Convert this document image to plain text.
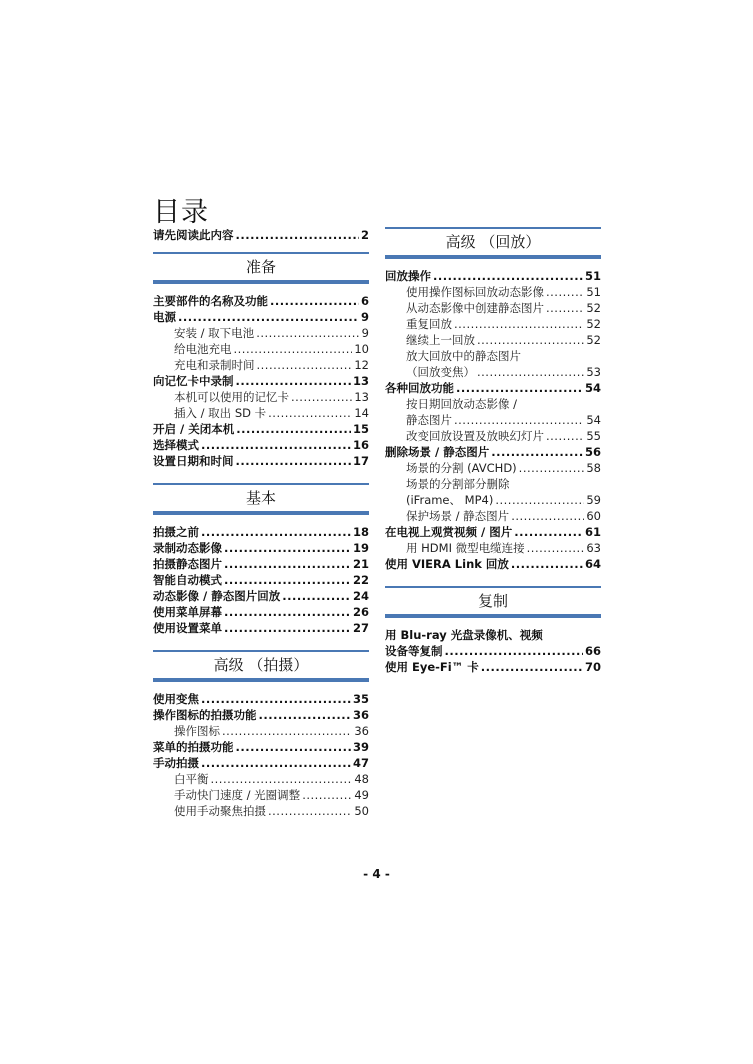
目录
请先阅读此内容 .....	2
准备
主要部件的名称及功能 .....	6
电源 .....	9
安装 / 取下电池 .....	9
给电池充电 .....	10
充电和录制时间 .....	12
向记忆卡中录制 .....	13
本机可以使用的记忆卡 .....	13
插入 / 取出 SD 卡 .....	14
开启 / 关闭本机 .....	15
选择模式 .....	16
设置日期和时间 .....	17
基本
拍摄之前 .....	18
录制动态影像 .....	19
拍摄静态图片 .....	21
智能自动模式 .....	22
动态影像 / 静态图片回放 .....	24
使用菜单屏幕 .....	26
使用设置菜单 .....	27
高级 （拍摄）
使用变焦 .....	35
操作图标的拍摄功能 .....	36
操作图标 .....	36
菜单的拍摄功能 .....	39
手动拍摄 .....	47
白平衡 .....	48
手动快门速度 / 光圈调整 .....	49
使用手动聚焦拍摄 .....	50
高级 （回放）
回放操作 .....	51
使用操作图标回放动态影像 .....	51
从动态影像中创建静态图片 .....	52
重复回放 .....	52
继续上一回放 .....	52
放大回放中的静态图片
（回放变焦） .....	53
各种回放功能 .....	54
按日期回放动态影像 /
静态图片 .....	54
改变回放设置及放映幻灯片 .....	55
删除场景 / 静态图片 .....	56
场景的分割 (AVCHD) .....	58
场景的分割部分删除
(iFrame、 MP4) .....	59
保护场景 / 静态图片 .....	60
在电视上观赏视频 / 图片 .....	61
用 HDMI 微型电缆连接 .....	63
使用 VIERA Link 回放 .....	64
复制
用 Blu-ray 光盘录像机、视频
设备等复制 .....	66
使用 Eye-Fi™ 卡 .....	70
- 4 -
